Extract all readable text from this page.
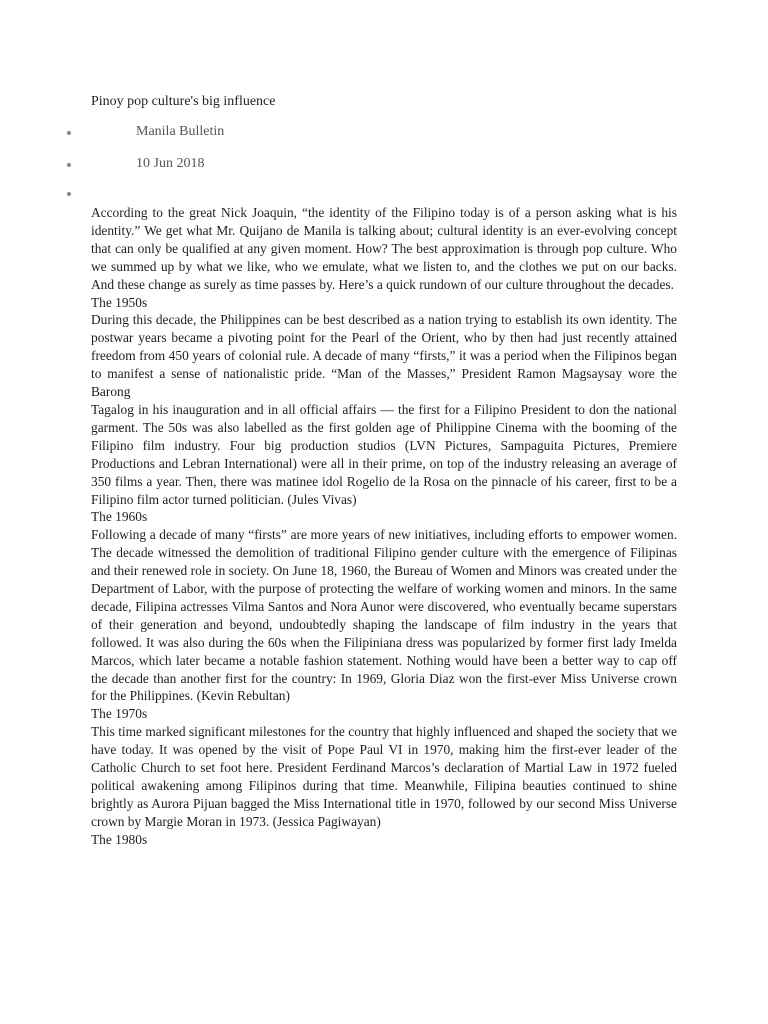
Pinoy pop culture's big influence
Manila Bulletin
10 Jun 2018

According to the great Nick Joaquin, “the identity of the Filipino today is of a person asking what is his identity.” We get what Mr. Quijano de Manila is talking about; cultural identity is an ever-evolving concept that can only be qualified at any given moment. How? The best approximation is through pop culture. Who we summed up by what we like, who we emulate, what we listen to, and the clothes we put on our backs. And these change as surely as time passes by. Here’s a quick rundown of our culture throughout the decades.

The 1950s

During this decade, the Philippines can be best described as a nation trying to establish its own identity. The postwar years became a pivoting point for the Pearl of the Orient, who by then had just recently attained freedom from 450 years of colonial rule. A decade of many “firsts,” it was a period when the Filipinos began to manifest a sense of nationalistic pride. “Man of the Masses,” President Ramon Magsaysay wore the Barong

Tagalog in his inauguration and in all official affairs — the first for a Filipino President to don the national garment. The 50s was also labelled as the first golden age of Philippine Cinema with the booming of the Filipino film industry. Four big production studios (LVN Pictures, Sampaguita Pictures, Premiere Productions and Lebran International) were all in their prime, on top of the industry releasing an average of 350 films a year. Then, there was matinee idol Rogelio de la Rosa on the pinnacle of his career, first to be a Filipino film actor turned politician. (Jules Vivas)

The 1960s

Following a decade of many “firsts” are more years of new initiatives, including efforts to empower women. The decade witnessed the demolition of traditional Filipino gender culture with the emergence of Filipinas and their renewed role in society. On June 18, 1960, the Bureau of Women and Minors was created under the Department of Labor, with the purpose of protecting the welfare of working women and minors. In the same decade, Filipina actresses Vilma Santos and Nora Aunor were discovered, who eventually became superstars of their generation and beyond, undoubtedly shaping the landscape of film industry in the years that followed. It was also during the 60s when the Filipiniana dress was popularized by former first lady Imelda Marcos, which later became a notable fashion statement. Nothing would have been a better way to cap off the decade than another first for the country: In 1969, Gloria Diaz won the first-ever Miss Universe crown for the Philippines. (Kevin Rebultan)

The 1970s

This time marked significant milestones for the country that highly influenced and shaped the society that we have today. It was opened by the visit of Pope Paul VI in 1970, making him the first-ever leader of the Catholic Church to set foot here. President Ferdinand Marcos’s declaration of Martial Law in 1972 fueled political awakening among Filipinos during that time. Meanwhile, Filipina beauties continued to shine brightly as Aurora Pijuan bagged the Miss International title in 1970, followed by our second Miss Universe crown by Margie Moran in 1973. (Jessica Pagiwayan)

The 1980s
